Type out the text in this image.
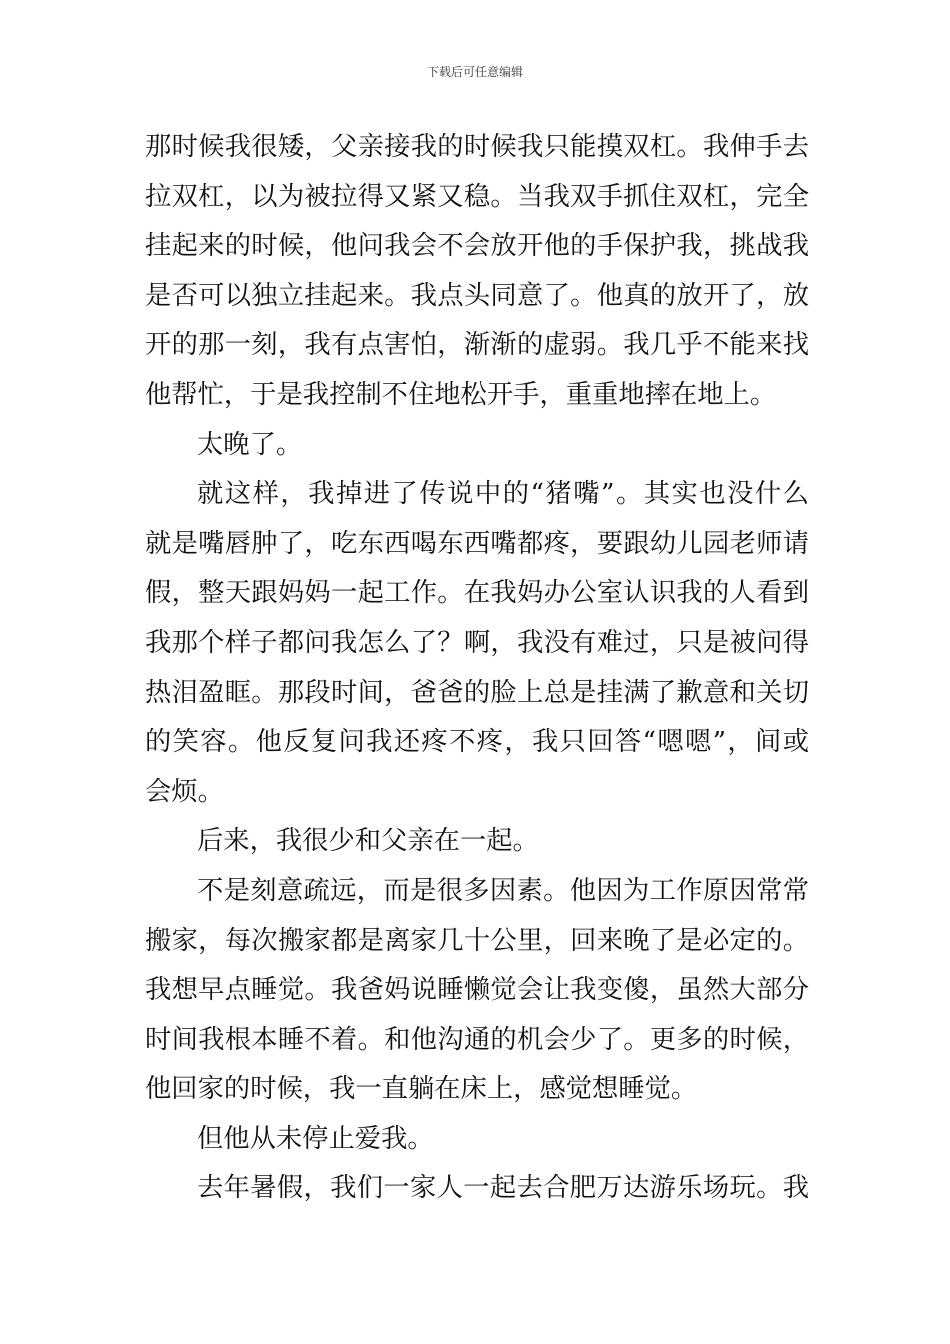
下载后可任意编辑
那时候我很矮，父亲接我的时候我只能摸双杠。我伸手去
拉双杠，以为被拉得又紧又稳。当我双手抓住双杠，完全
挂起来的时候，他问我会不会放开他的手保护我，挑战我
是否可以独立挂起来。我点头同意了。他真的放开了，放
开的那一刻，我有点害怕，渐渐的虚弱。我几乎不能来找
他帮忙，于是我控制不住地松开手，重重地摔在地上。
太晚了。
就这样，我掉进了传说中的“猪嘴”。其实也没什么
就是嘴唇肿了，吃东西喝东西嘴都疼，要跟幼儿园老师请
假，整天跟妈妈一起工作。在我妈办公室认识我的人看到
我那个样子都问我怎么了？啊，我没有难过，只是被问得
热泪盈眶。那段时间，爸爸的脸上总是挂满了歉意和关切
的笑容。他反复问我还疼不疼，我只回答“嗯嗯”，间或
会烦。
后来，我很少和父亲在一起。
不是刻意疏远，而是很多因素。他因为工作原因常常
搬家，每次搬家都是离家几十公里，回来晚了是必定的。
我想早点睡觉。我爸妈说睡懒觉会让我变傻，虽然大部分
时间我根本睡不着。和他沟通的机会少了。更多的时候，
他回家的时候，我一直躺在床上，感觉想睡觉。
但他从未停止爱我。
去年暑假，我们一家人一起去合肥万达游乐场玩。我
